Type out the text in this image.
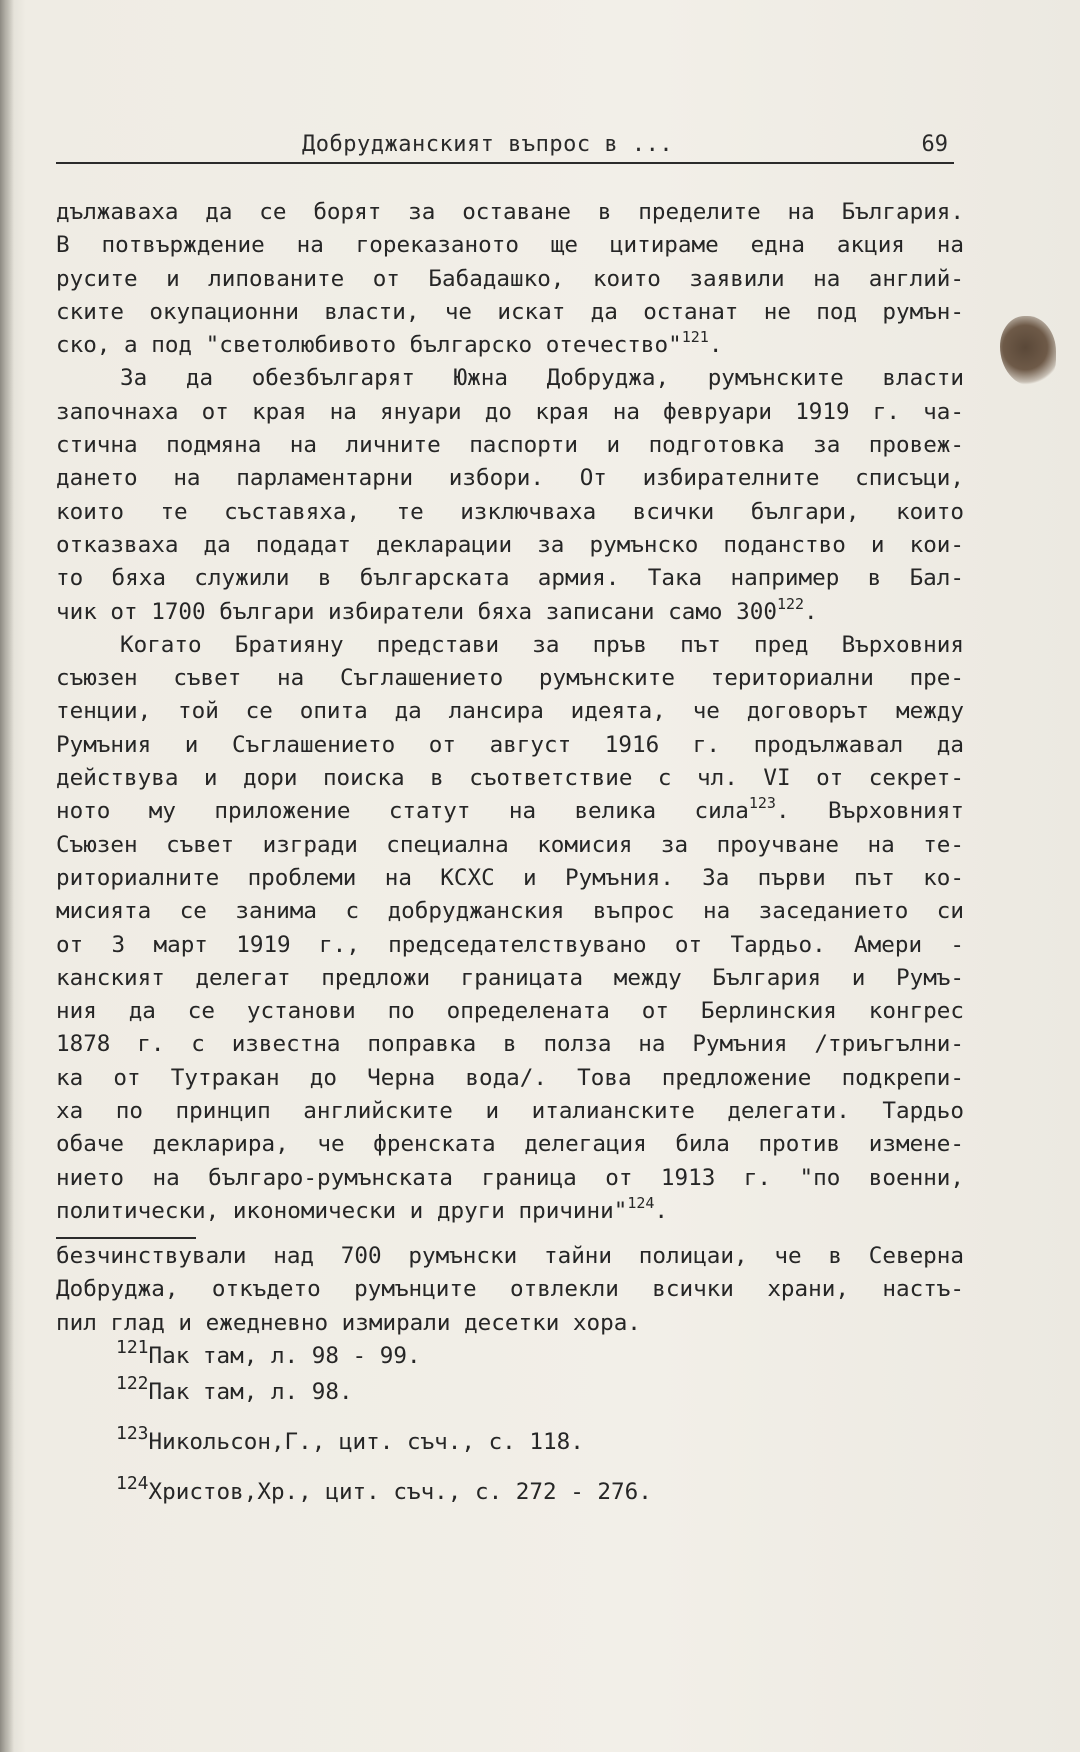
Добруджанският въпрос в ...	69
дължаваха да се борят за оставане в пределите на България.
В потвърждение на гореказаното ще цитираме една акция на
русите и липованите от Бабадашко, които заявили на англий-
ските окупационни власти, че искат да останат не под румън-
ско, а под "светолюбивото българско отечество"$^{121}$.
За да обезбългарят Южна Добруджа, румънските власти
започнаха от края на януари до края на февруари 1919 г. ча-
стична подмяна на личните паспорти и подготовка за провеж-
дането на парламентарни избори. От избирателните списъци,
които те съставяха, те изключваха всички българи, които
отказваха да подадат декларации за румънско поданство и кои-
то бяха служили в българската армия. Така например в Бал-
чик от 1700 българи избиратели бяха записани само $300^{122}$.
Когато Братияну представи за пръв път пред Върховния
съюзен съвет на Съглашението румънските териториални пре-
тенции, той се опита да лансира идеята, че договорът между
Румъния и Съглашението от август 1916 г. продължавал да
действува и дори поиска в съответствие с чл. VI от секрет-
ното му приложение статут на велика сила$^{123}$. Върховният
Съюзен съвет изгради специална комисия за проучване на те-
риториалните проблеми на КСХС и Румъния. За първи път ко-
мисията се занима с добруджанския въпрос на заседанието си
от 3 март 1919 г., председателствувано от Тардьо. Амери -
канският делегат предложи границата между България и Румъ-
ния да се установи по определената от Берлинския конгрес
1878 г. с известна поправка в полза на Румъния /триъгълни-
ка от Тутракан до Черна вода/. Това предложение подкрепи-
ха по принцип английските и италианските делегати. Тардьо
обаче декларира, че френската делегация била против измене-
нието на българо-румънската граница от 1913 г. "по военни,
политически, икономически и други причини"$^{124}$.
безчинствували над 700 румънски тайни полицаи, че в Северна
Добруджа, откъдето румънците отвлекли всички храни, настъ-
пил глад и ежедневно измирали десетки хора.
$^{121}$Пак там, л. 98 - 99.
$^{122}$Пак там, л. 98.
$^{123}$Никольсон,Г., цит. съч., с. 118.
$^{124}$Христов,Хр., цит. съч., с. 272 - 276.
